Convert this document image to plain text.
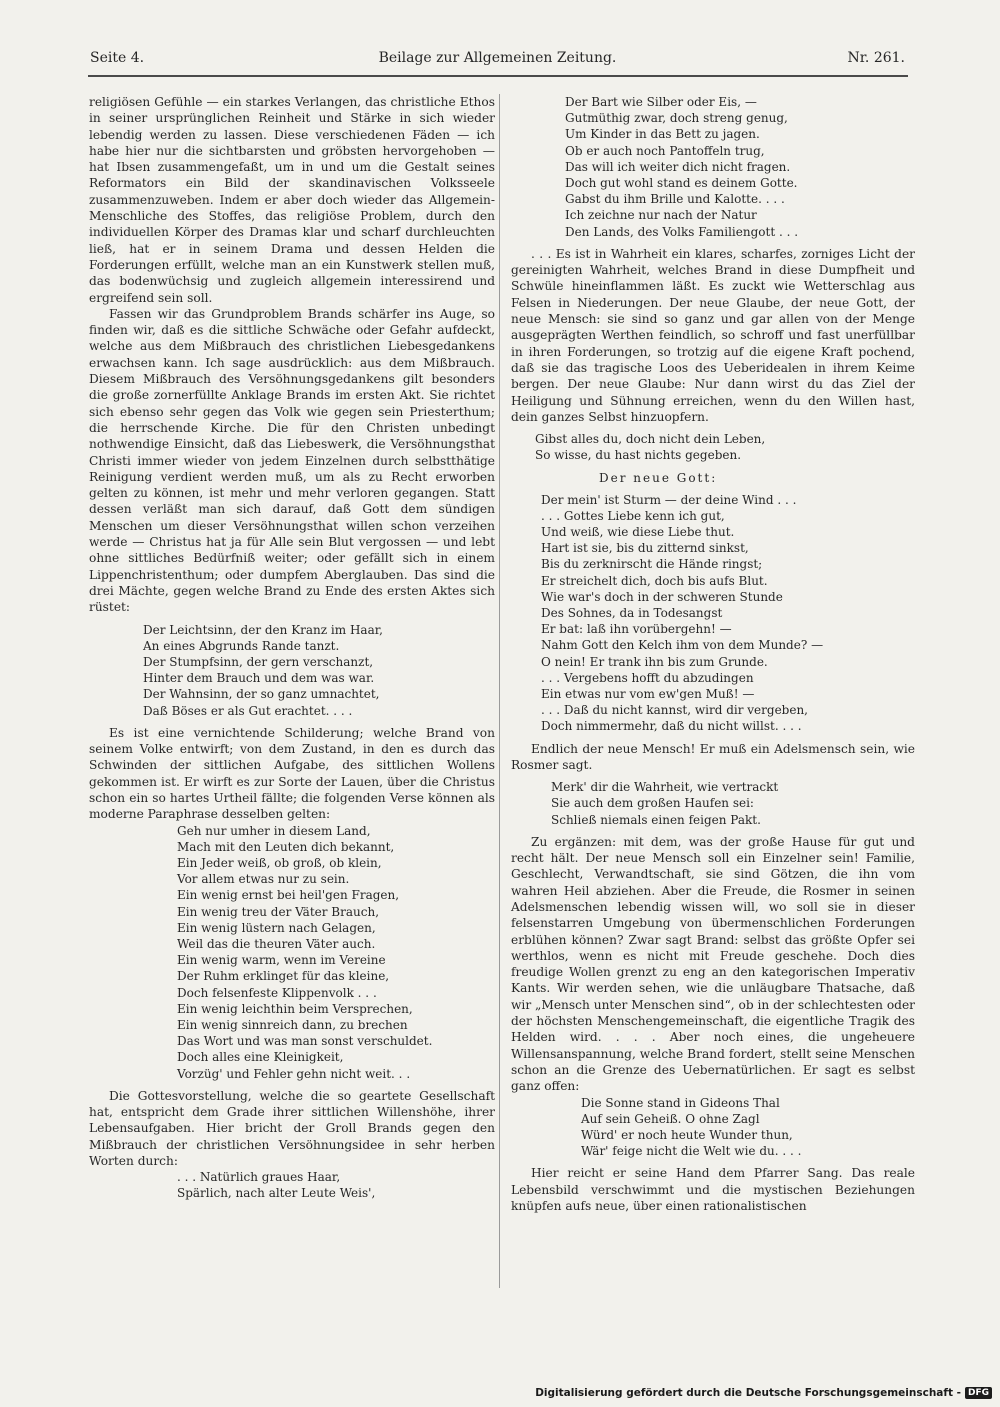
Beilage zur Allgemeinen Zeitung.
Seite 4.	Nr. 261.

religiösen Gefühle — ein starkes Verlangen, das christliche Ethos in seiner ursprünglichen Reinheit und Stärke in sich wieder lebendig werden zu lassen. Diese verschiedenen Fäden — ich habe hier nur die sichtbarsten und gröbsten hervorgehoben — hat Ibsen zusammengefaßt, um in und um die Gestalt seines Reformators ein Bild der skandinavischen Volksseele zusammenzuweben. Indem er aber doch wieder das Allgemein-Menschliche des Stoffes, das religiöse Problem, durch den individuellen Körper des Dramas klar und scharf durchleuchten ließ, hat er in seinem Drama und dessen Helden die Forderungen erfüllt, welche man an ein Kunstwerk stellen muß, das bodenwüchsig und zugleich allgemein interessirend und ergreifend sein soll.

Fassen wir das Grundproblem Brands schärfer ins Auge, so finden wir, daß es die sittliche Schwäche oder Gefahr aufdeckt, welche aus dem Mißbrauch des christlichen Liebesgedankens erwachsen kann. Ich sage ausdrücklich: aus dem Mißbrauch. Diesem Mißbrauch des Versöhnungsgedankens gilt besonders die große zornerfüllte Anklage Brands im ersten Akt. Sie richtet sich ebenso sehr gegen das Volk wie gegen sein Priesterthum; die herrschende Kirche. Die für den Christen unbedingt nothwendige Einsicht, daß das Liebeswerk, die Versöhnungsthat Christi immer wieder von jedem Einzelnen durch selbstthätige Reinigung verdient werden muß, um als zu Recht erworben gelten zu können, ist mehr und mehr verloren gegangen. Statt dessen verläßt man sich darauf, daß Gott dem sündigen Menschen um dieser Versöhnungsthat willen schon verzeihen werde — Christus hat ja für Alle sein Blut vergossen — und lebt ohne sittliches Bedürfniß weiter; oder gefällt sich in einem Lippenchristenthum; oder dumpfem Aberglauben. Das sind die drei Mächte, gegen welche Brand zu Ende des ersten Aktes sich rüstet:

Der Leichtsinn, der den Kranz im Haar,
An eines Abgrunds Rande tanzt.
Der Stumpfsinn, der gern verschanzt,
Hinter dem Brauch und dem was war.
Der Wahnsinn, der so ganz umnachtet,
Daß Böses er als Gut erachtet. . . .

Es ist eine vernichtende Schilderung; welche Brand von seinem Volke entwirft; von dem Zustand, in den es durch das Schwinden der sittlichen Aufgabe, des sittlichen Wollens gekommen ist. Er wirft es zur Sorte der Lauen, über die Christus schon ein so hartes Urtheil fällte; die folgenden Verse können als moderne Paraphrase desselben gelten:

Geh nur umher in diesem Land,
Mach mit den Leuten dich bekannt,
Ein Jeder weiß, ob groß, ob klein,
Vor allem etwas nur zu sein.
Ein wenig ernst bei heil'gen Fragen,
Ein wenig treu der Väter Brauch,
Ein wenig lüstern nach Gelagen,
Weil das die theuren Väter auch.
Ein wenig warm, wenn im Vereine
Der Ruhm erklinget für das kleine,
Doch felsenfeste Klippenvolk . . .
Ein wenig leichthin beim Versprechen,
Ein wenig sinnreich dann, zu brechen
Das Wort und was man sonst verschuldet.
Doch alles eine Kleinigkeit,
Vorzüg' und Fehler gehn nicht weit. . .

Die Gottesvorstellung, welche die so geartete Gesellschaft hat, entspricht dem Grade ihrer sittlichen Willenshöhe, ihrer Lebensaufgaben. Hier bricht der Groll Brands gegen den Mißbrauch der christlichen Versöhnungsidee in sehr herben Worten durch:

. . . Natürlich graues Haar,
Spärlich, nach alter Leute Weis',
Der Bart wie Silber oder Eis, —
Gutmüthig zwar, doch streng genug,
Um Kinder in das Bett zu jagen.
Ob er auch noch Pantoffeln trug,
Das will ich weiter dich nicht fragen.
Doch gut wohl stand es deinem Gotte.
Gabst du ihm Brille und Kalotte. . . .
Ich zeichne nur nach der Natur
Den Lands, des Volks Familiengott . . .

. . . Es ist in Wahrheit ein klares, scharfes, zorniges Licht der gereinigten Wahrheit, welches Brand in diese Dumpfheit und Schwüle hineinflammen läßt. Es zuckt wie Wetterschlag aus Felsen in Niederungen. Der neue Glaube, der neue Gott, der neue Mensch: sie sind so ganz und gar allen von der Menge ausgeprägten Werthen feindlich, so schroff und fast unerfüllbar in ihren Forderungen, so trotzig auf die eigene Kraft pochend, daß sie das tragische Loos des Ueberidealen in ihrem Keime bergen. Der neue Glaube: Nur dann wirst du das Ziel der Heiligung und Sühnung erreichen, wenn du den Willen hast, dein ganzes Selbst hinzuopfern.

Gibst alles du, doch nicht dein Leben,
So wisse, du hast nichts gegeben.
Der neue Gott:
Der mein' ist Sturm — der deine Wind . . .
. . . Gottes Liebe kenn ich gut,
Und weiß, wie diese Liebe thut.
Hart ist sie, bis du zitternd sinkst,
Bis du zerknirscht die Hände ringst;
Er streichelt dich, doch bis aufs Blut.
Wie war's doch in der schweren Stunde
Des Sohnes, da in Todesangst
Er bat: laß ihn vorübergehn! —
Nahm Gott den Kelch ihm von dem Munde? —
O nein! Er trank ihn bis zum Grunde.
. . . Vergebens hofft du abzudingen
Ein etwas nur vom ew'gen Muß! —
. . . Daß du nicht kannst, wird dir vergeben,
Doch nimmermehr, daß du nicht willst. . . .

Endlich der neue Mensch! Er muß ein Adelsmensch sein, wie Rosmer sagt.

Merk' dir die Wahrheit, wie vertrackt
Sie auch dem großen Haufen sei:
Schließ niemals einen feigen Pakt.

Zu ergänzen: mit dem, was der große Hause für gut und recht hält. Der neue Mensch soll ein Einzelner sein! Familie, Geschlecht, Verwandtschaft, sie sind Götzen, die ihn vom wahren Heil abziehen. Aber die Freude, die Rosmer in seinen Adelsmenschen lebendig wissen will, wo soll sie in dieser felsenstarren Umgebung von übermenschlichen Forderungen erblühen können? Zwar sagt Brand: selbst das größte Opfer sei werthlos, wenn es nicht mit Freude geschehe. Doch dies freudige Wollen grenzt zu eng an den kategorischen Imperativ Kants. Wir werden sehen, wie die unläugbare Thatsache, daß wir „Mensch unter Menschen sind“, ob in der schlechtesten oder der höchsten Menschengemeinschaft, die eigentliche Tragik des Helden wird. . . . Aber noch eines, die ungeheuere Willensanspannung, welche Brand fordert, stellt seine Menschen schon an die Grenze des Uebernatürlichen. Er sagt es selbst ganz offen:

Die Sonne stand in Gideons Thal
Auf sein Geheiß. O ohne Zagl
Würd' er noch heute Wunder thun,
Wär' feige nicht die Welt wie du. . . .

Hier reicht er seine Hand dem Pfarrer Sang. Das reale Lebensbild verschwimmt und die mystischen Beziehungen knüpfen aufs neue, über einen rationalistischen

Digitalisierung gefördert durch die Deutsche Forschungsgemeinschaft - DFG
